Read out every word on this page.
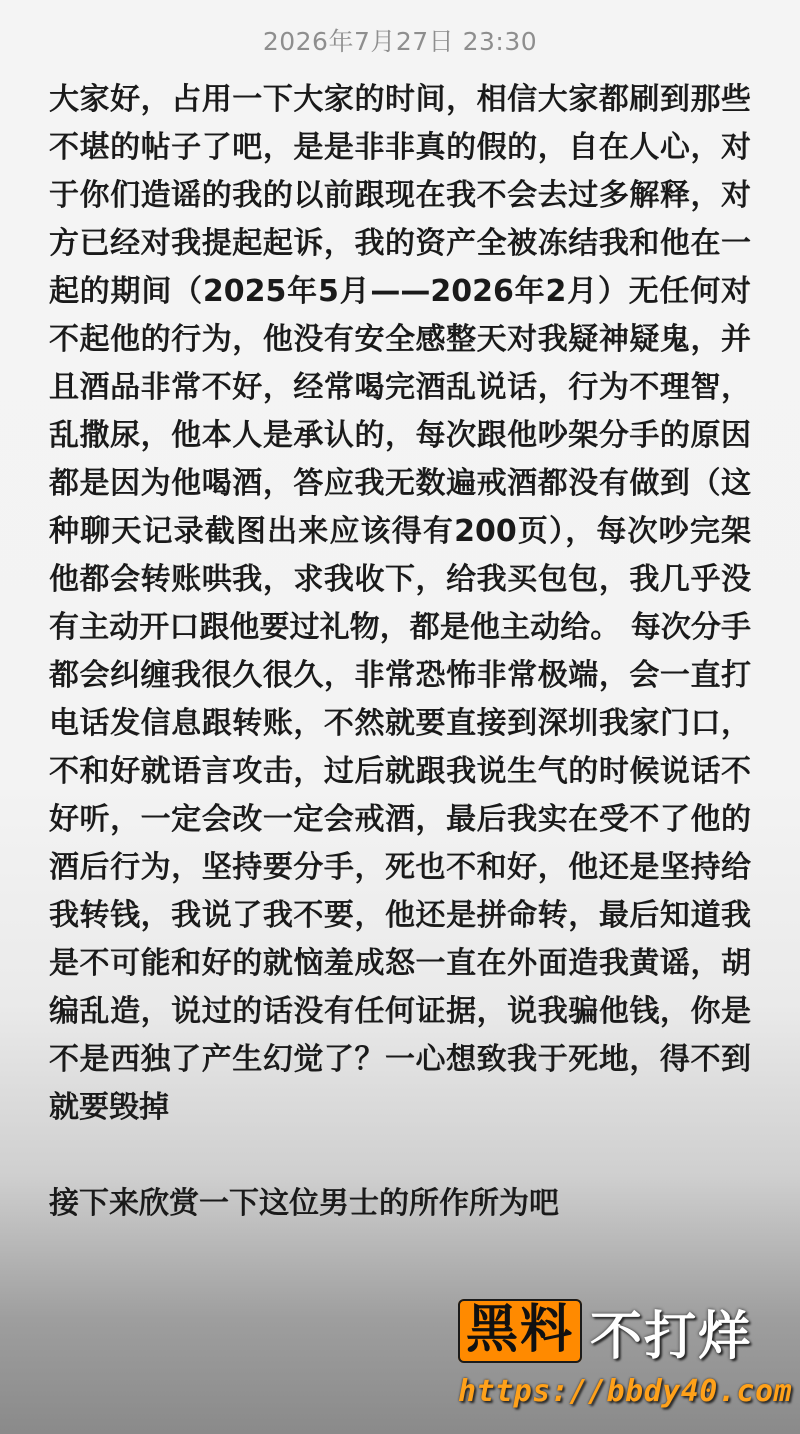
2026年7月27日 23:30

大家好，占用一下大家的时间，相信大家都刷到那些不堪的帖子了吧，是是非非真的假的，自在人心，对于你们造谣的我的以前跟现在我不会去过多解释，对方已经对我提起起诉，我的资产全被冻结我和他在一起的期间（2025年5月——2026年2月）无任何对不起他的行为，他没有安全感整天对我疑神疑鬼，并且酒品非常不好，经常喝完酒乱说话，行为不理智，乱撒尿，他本人是承认的，每次跟他吵架分手的原因都是因为他喝酒，答应我无数遍戒酒都没有做到（这种聊天记录截图出来应该得有200页），每次吵完架他都会转账哄我，求我收下，给我买包包，我几乎没有主动开口跟他要过礼物，都是他主动给。 每次分手都会纠缠我很久很久，非常恐怖非常极端，会一直打电话发信息跟转账，不然就要直接到深圳我家门口，不和好就语言攻击，过后就跟我说生气的时候说话不好听，一定会改一定会戒酒，最后我实在受不了他的酒后行为，坚持要分手，死也不和好，他还是坚持给我转钱，我说了我不要，他还是拼命转，最后知道我是不可能和好的就恼羞成怒一直在外面造我黄谣，胡编乱造，说过的话没有任何证据，说我骗他钱，你是不是西独了产生幻觉了？一心想致我于死地，得不到就要毁掉

接下来欣赏一下这位男士的所作所为吧

黑料 不打烊
https://bbdy40.com
